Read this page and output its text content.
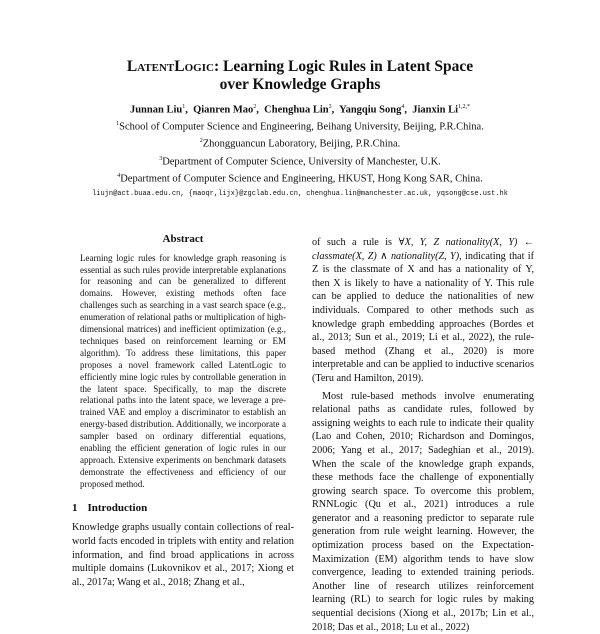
LatentLogic: Learning Logic Rules in Latent Space
over Knowledge Graphs
Junnan Liu$^1$,  Qianren Mao$^2$,  Chenghua Lin$^3$,  Yangqiu Song$^4$,  Jianxin $Li^{1,2,*}$
$^1$School of Computer Science and Engineering, Beihang University, Beijing, P.R.China.
$^2$Zhongguancun Laboratory, Beijing, P.R.China.
$^3$Department of Computer Science, University of Manchester, U.K.
$^4$Department of Computer Science and Engineering, HKUST, Hong Kong SAR, China.
liujn@act.buaa.edu.cn, {maoqr,lijx}@zgclab.edu.cn, chenghua.lin@manchester.ac.uk, yqsong@cse.ust.hk
Abstract

Learning logic rules for knowledge graph reasoning is essential as such rules provide interpretable explanations for reasoning and can be generalized to different domains. However, existing methods often face challenges such as searching in a vast search space (e.g., enumeration of relational paths or multiplication of high-dimensional matrices) and inefficient optimization (e.g., techniques based on reinforcement learning or EM algorithm). To address these limitations, this paper proposes a novel framework called LatentLogic to efficiently mine logic rules by controllable generation in the latent space. Specifically, to map the discrete relational paths into the latent space, we leverage a pre-trained VAE and employ a discriminator to establish an energy-based distribution. Additionally, we incorporate a sampler based on ordinary differential equations, enabling the efficient generation of logic rules in our approach. Extensive experiments on benchmark datasets demonstrate the effectiveness and efficiency of our proposed method.

1 Introduction

Knowledge graphs usually contain collections of real-world facts encoded in triplets with entity and relation information, and find broad applications in across multiple domains (Lukovnikov et al., 2017; Xiong et al., 2017a; Wang et al., 2018; Zhang et al.,

of such a rule is ∀X, Y, Z nationality(X, Y) ← classmate(X, Z) ∧ nationality(Z, Y), indicating that if Z is the classmate of X and has a nationality of Y, then X is likely to have a nationality of Y. This rule can be applied to deduce the nationalities of new individuals. Compared to other methods such as knowledge graph embedding approaches (Bordes et al., 2013; Sun et al., 2019; Li et al., 2022), the rule-based method (Zhang et al., 2020) is more interpretable and can be applied to inductive scenarios (Teru and Hamilton, 2019).

Most rule-based methods involve enumerating relational paths as candidate rules, followed by assigning weights to each rule to indicate their quality (Lao and Cohen, 2010; Richardson and Domingos, 2006; Yang et al., 2017; Sadeghian et al., 2019). When the scale of the knowledge graph expands, these methods face the challenge of exponentially growing search space. To overcome this problem, RNNLogic (Qu et al., 2021) introduces a rule generator and a reasoning predictor to separate rule generation from rule weight learning. However, the optimization process based on the Expectation-Maximization (EM) algorithm tends to have slow convergence, leading to extended training periods. Another line of research utilizes reinforcement learning (RL) to search for logic rules by making sequential decisions (Xiong et al., 2017b; Lin et al., 2018; Das et al., 2018; Lu et al., 2022)
